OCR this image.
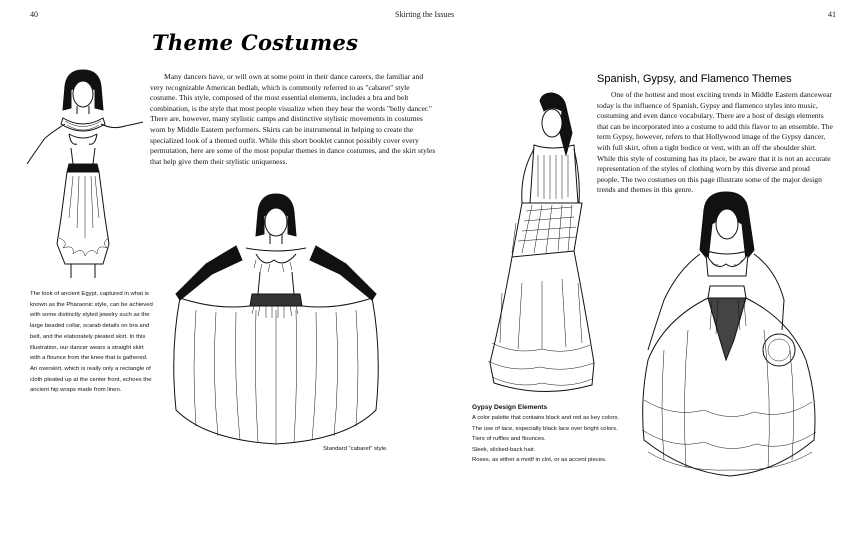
40	Skirting the Issues	41
Theme Costumes

Many dancers have, or will own at some point in their dance careers, the familiar and very recognizable American bedlah, which is commonly referred to as "cabaret" style costume. This style, composed of the most essential elements, includes a bra and belt combination, is the style that most people visualize when they hear the words "belly dancer." There are, however, many stylistic camps and distinctive stylistic movements in costumes worn by Middle Eastern performers. Skirts can be instrumental in helping to create the specialized look of a themed outfit. While this short booklet cannot possibly cover every permutation, here are some of the most popular themes in dance costumes, and the skirt styles that help give them their stylistic uniqueness.

The look of ancient Egypt, captured in what is known as the Pharaonic style, can be achieved with some distinctly styled jewelry such as the large beaded collar, scarab details on bra and belt, and the elaborately pleated skirt. In this illustration, our dancer wears a straight skirt with a flounce from the knee that is gathered. An overskirt, which is really only a rectangle of cloth pleated up at the center front, echoes the ancient hip wraps made from linen.

Standard "cabaret" style.

Spanish, Gypsy, and Flamenco Themes

One of the hottest and most exciting trends in Middle Eastern dancewear today is the influence of Spanish, Gypsy and flamenco styles into music, costuming and even dance vocabulary. There are a host of design elements that can be incorporated into a costume to add this flavor to an ensemble. The term Gypsy, however, refers to that Hollywood image of the Gypsy dancer, with full skirt, often a tight bodice or vest, with an off the shoulder shirt. While this style of costuming has its place, be aware that it is not an accurate representation of the styles of clothing worn by this diverse and proud people. The two costumes on this page illustrate some of the major design trends and themes in this genre.

Gypsy Design Elements
A color palette that contains black and red as key colors.
The use of lace, especially black lace over bright colors.
Tiers of ruffles and flounces.
Sleek, slicked-back hair.
Roses, as either a motif in clot, or as accent pieces.
